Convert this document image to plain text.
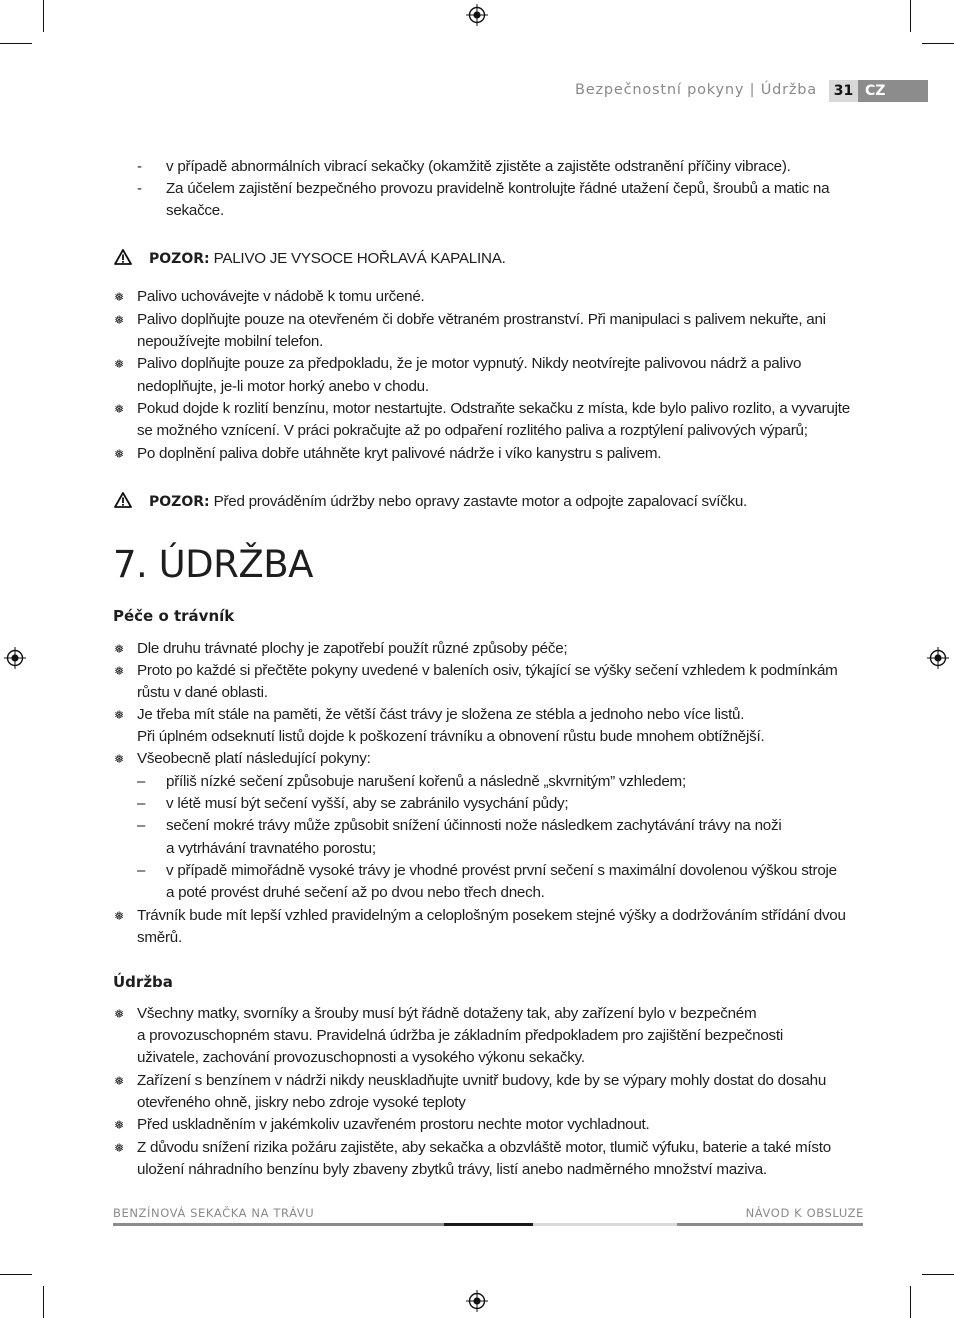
Bezpečnostní pokyny | Údržba	31 CZ
- v případě abnormálních vibrací sekačky (okamžitě zjistěte a zajistěte odstranění příčiny vibrace).
- Za účelem zajistění bezpečného provozu pravidelně kontrolujte řádné utažení čepů, šroubů a matic na
sekačce.
POZOR: PALIVO JE VYSOCE HOŘLAVÁ KAPALINA.
❅ Palivo uchovávejte v nádobě k tomu určené.
❅ Palivo doplňujte pouze na otevřeném či dobře větraném prostranství. Při manipulaci s palivem nekuřte, ani
nepoužívejte mobilní telefon.
❅ Palivo doplňujte pouze za předpokladu, že je motor vypnutý. Nikdy neotvírejte palivovou nádrž a palivo
nedoplňujte, je-li motor horký anebo v chodu.
❅ Pokud dojde k rozlití benzínu, motor nestartujte. Odstraňte sekačku z místa, kde bylo palivo rozlito, a vyvarujte
se možného vznícení. V práci pokračujte až po odpaření rozlitého paliva a rozptýlení palivových výparů;
❅ Po doplnění paliva dobře utáhněte kryt palivové nádrže i víko kanystru s palivem.
POZOR: Před prováděním údržby nebo opravy zastavte motor a odpojte zapalovací svíčku.
7. ÚDRŽBA
Péče o trávník
❅ Dle druhu trávnaté plochy je zapotřebí použít různé způsoby péče;
❅ Proto po každé si přečtěte pokyny uvedené v baleních osiv, týkající se výšky sečení vzhledem k podmínkám
růstu v dané oblasti.
❅ Je třeba mít stále na paměti, že větší část trávy je složena ze stébla a jednoho nebo více listů.
Při úplném odseknutí listů dojde k poškození trávníku a obnovení růstu bude mnohem obtížnější.
❅ Všeobecně platí následující pokyny:
– příliš nízké sečení způsobuje narušení kořenů a následně „skvrnitým” vzhledem;
– v létě musí být sečení vyšší, aby se zabránilo vysychání půdy;
– sečení mokré trávy může způsobit snížení účinnosti nože následkem zachytávání trávy na noži
a vytrhávání travnatého porostu;
– v případě mimořádně vysoké trávy je vhodné provést první sečení s maximální dovolenou výškou stroje
a poté provést druhé sečení až po dvou nebo třech dnech.
❅ Trávník bude mít lepší vzhled pravidelným a celoplošným posekem stejné výšky a dodržováním střídání dvou
směrů.
Údržba
❅ Všechny matky, svorníky a šrouby musí být řádně dotaženy tak, aby zařízení bylo v bezpečném
a provozuschopném stavu. Pravidelná údržba je základním předpokladem pro zajištění bezpečnosti
uživatele, zachování provozuschopnosti a vysokého výkonu sekačky.
❅ Zařízení s benzínem v nádrži nikdy neuskladňujte uvnitř budovy, kde by se výpary mohly dostat do dosahu
otevřeného ohně, jiskry nebo zdroje vysoké teploty
❅ Před uskladněním v jakémkoliv uzavřeném prostoru nechte motor vychladnout.
❅ Z důvodu snížení rizika požáru zajistěte, aby sekačka a obzvláště motor, tlumič výfuku, baterie a také místo
uložení náhradního benzínu byly zbaveny zbytků trávy, listí anebo nadměrného množství maziva.
BENZÍNOVÁ SEKAČKA NA TRÁVU	NÁVOD K OBSLUZE
